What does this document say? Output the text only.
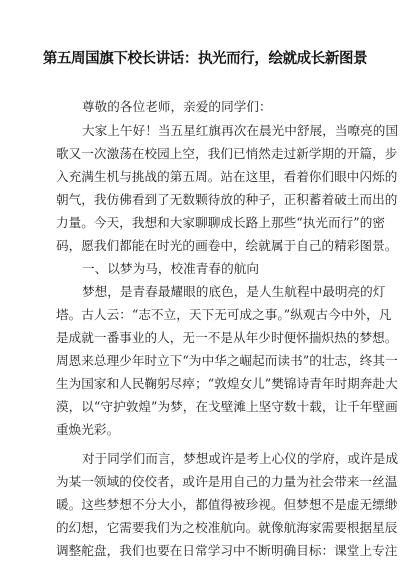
第五周国旗下校长讲话：执光而行，绘就成长新图景

尊敬的各位老师，亲爱的同学们：

大家上午好！当五星红旗再次在晨光中舒展，当嘹亮的国

歌又一次激荡在校园上空，我们已悄然走过新学期的开篇，步

入充满生机与挑战的第五周。站在这里，看着你们眼中闪烁的

朝气，我仿佛看到了无数颗待放的种子，正积蓄着破土而出的

力量。今天，我想和大家聊聊成长路上那些“执光而行”的密

码，愿我们都能在时光的画卷中，绘就属于自己的精彩图景。

一、以梦为马，校准青春的航向

梦想，是青春最耀眼的底色，是人生航程中最明亮的灯

塔。古人云：“志不立，天下无可成之事。”纵观古今中外，凡

是成就一番事业的人，无一不是从年少时便怀揣炽热的梦想。

周恩来总理少年时立下“为中华之崛起而读书”的壮志，终其一

生为国家和人民鞠躬尽瘁；“敦煌女儿”樊锦诗青年时期奔赴大

漠，以“守护敦煌”为梦，在戈壁滩上坚守数十载，让千年壁画

重焕光彩。

对于同学们而言，梦想或许是考上心仪的学府，或许是成

为某一领域的佼佼者，或许是用自己的力量为社会带来一丝温

暖。这些梦想不分大小，都值得被珍视。但梦想不是虚无缥缈

的幻想，它需要我们为之校准航向。就像航海家需要根据星辰

调整舵盘，我们也要在日常学习中不断明确目标：课堂上专注
